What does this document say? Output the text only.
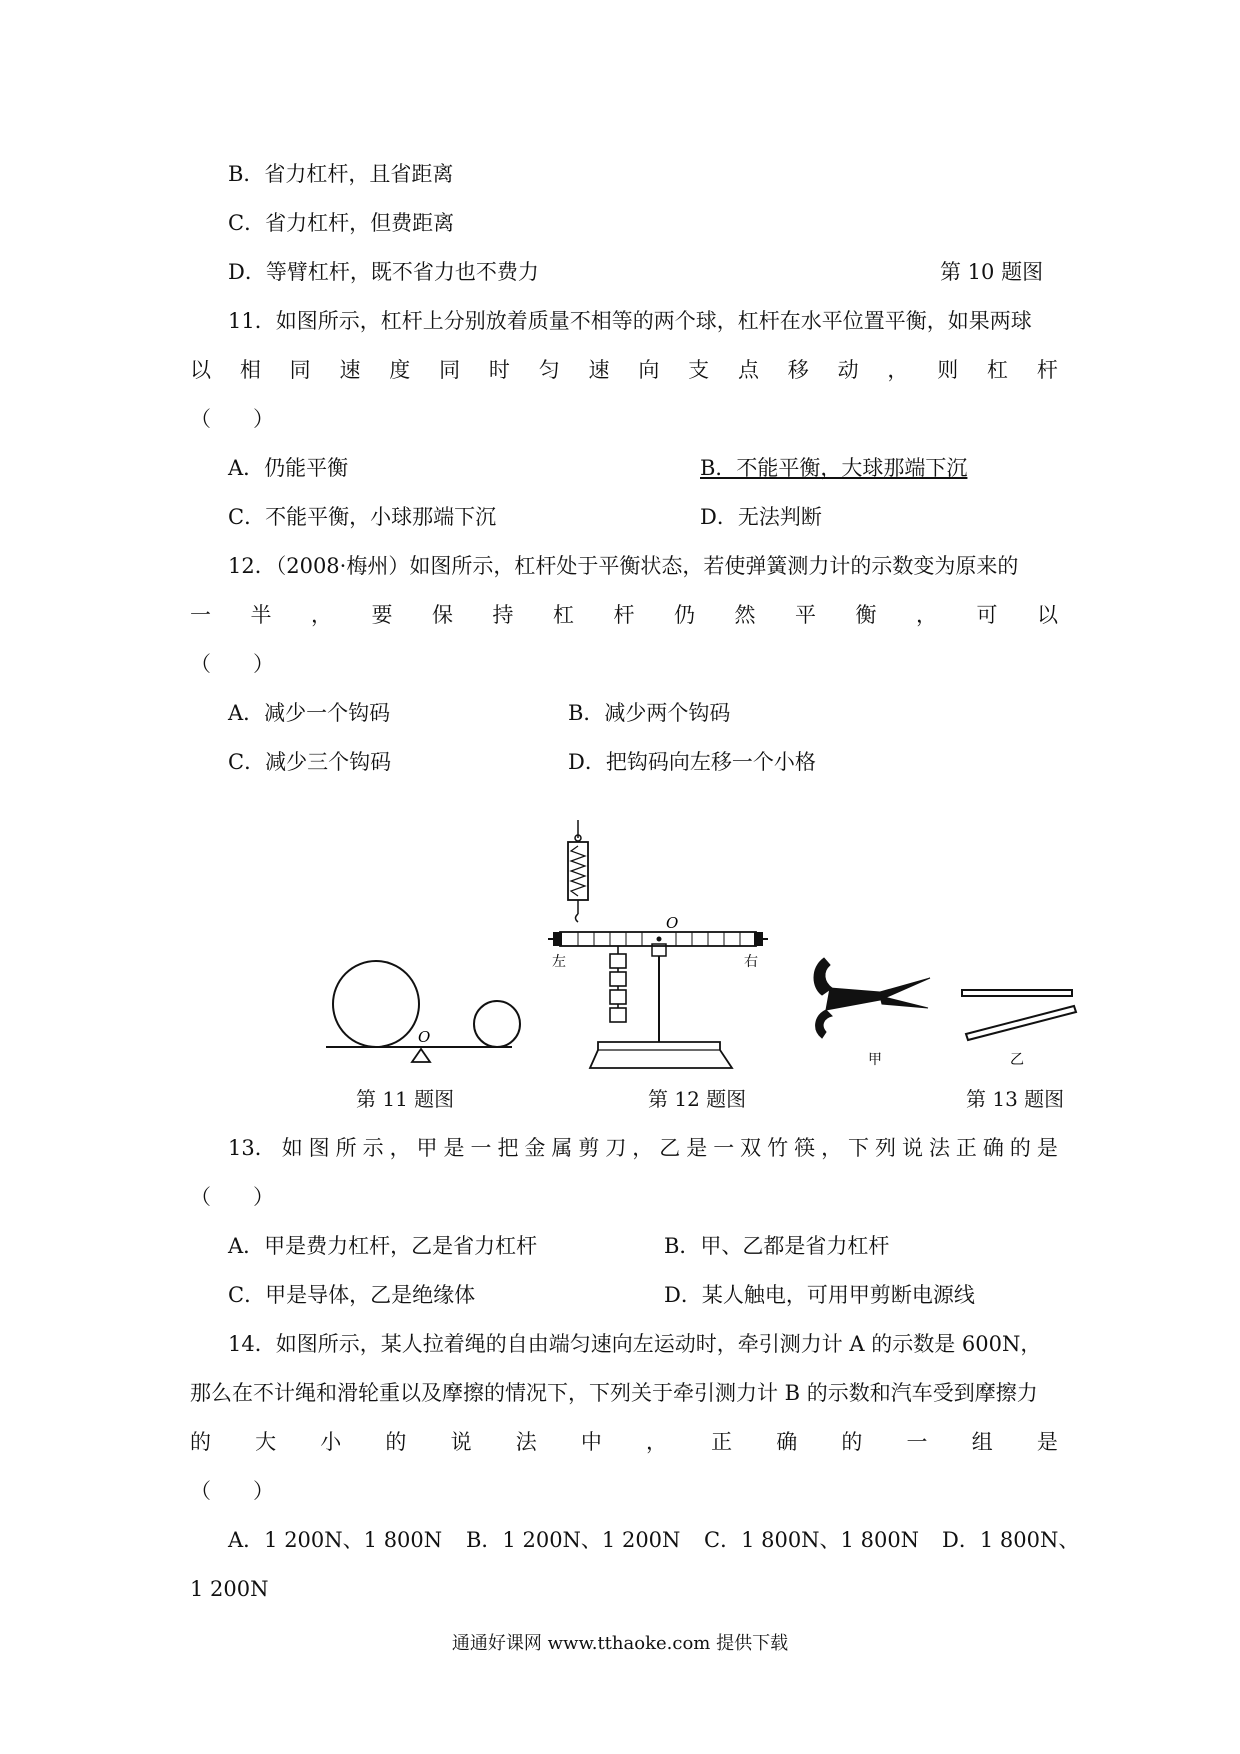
B．省力杠杆，且省距离
C．省力杠杆，但费距离
D．等臂杠杆，既不省力也不费力	第 10 题图
11．如图所示，杠杆上分别放着质量不相等的两个球，杠杆在水平位置平衡，如果两球
以 相 同 速 度 同 时 匀 速 向 支 点 移 动 ， 则 杠 杆
（　　）
A．仍能平衡	B．不能平衡，大球那端下沉
C．不能平衡，小球那端下沉	D．无法判断
12．（2008·梅州）如图所示，杠杆处于平衡状态，若使弹簧测力计的示数变为原来的
一 半 ， 要 保 持 杠 杆 仍 然 平 衡 ， 可 以
（　　）
A．减少一个钩码	B．减少两个钩码
C．减少三个钩码	D．把钩码向左移一个小格
O
O
左	右
甲	乙
第 11 题图	第 12 题图	第 13 题图
13． 如 图 所 示 ， 甲 是 一 把 金 属 剪 刀 ， 乙 是 一 双 竹 筷 ， 下 列 说 法 正 确 的 是
（　　）
A．甲是费力杠杆，乙是省力杠杆	B．甲、乙都是省力杠杆
C．甲是导体，乙是绝缘体	D．某人触电，可用甲剪断电源线
14．如图所示，某人拉着绳的自由端匀速向左运动时，牵引测力计 A 的示数是 600N，
那么在不计绳和滑轮重以及摩擦的情况下，下列关于牵引测力计 B 的示数和汽车受到摩擦力
的 大 小 的 说 法 中 ， 正 确 的 一 组 是
（　　）
A．1 200N、1 800N B．1 200N、1 200N C．1 800N、1 800N D．1 800N、
1 200N
通通好课网 www.tthaoke.com 提供下载
